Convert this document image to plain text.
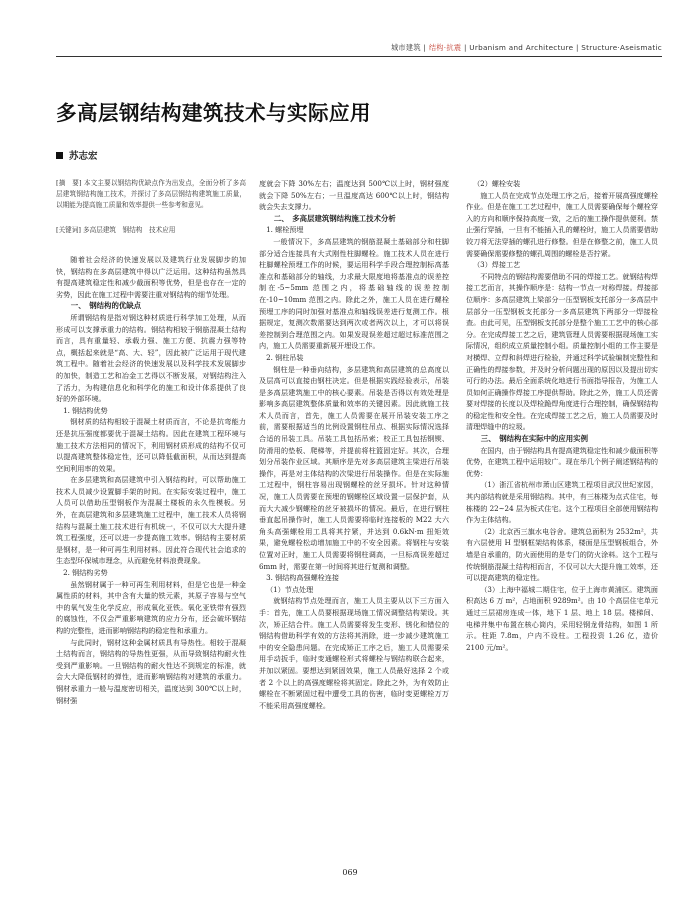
城市建筑 | 结构·抗震 | Urbanism and Architecture | Structure·Aseismatic
多高层钢结构建筑技术与实际应用
苏志宏

[摘　要] 本文主要以钢结构优缺点作为出发点，全面分析了多高层建筑钢结构施工技术，并探讨了多高层钢结构建筑施工质量，以期能为提高施工质量和效率提供一些参考和意见。

[关键词] 多高层建筑　钢结构　技术应用

随着社会经济的快速发展以及建筑行业发展脚步的加快，钢结构在多高层建筑中得以广泛运用。这种结构虽然具有提高建筑稳定性和减少截面积等优势，但是也存在一定的劣势，因此在施工过程中需要注重对钢结构的细节处理。

一、　钢结构的优缺点

所谓钢结构是指对钢这种材质进行科学加工处理，从而形成可以支撑承重力的结构。钢结构相较于钢筋混凝土结构而言，具有重量轻、承载力强、施工方便、抗震力强等特点，概括起来就是“高、大、轻”，因此被广泛运用于现代建筑工程中。随着社会经济的快速发展以及科学技术发展脚步的加快，制造工艺和冶金工艺得以不断发展，对钢结构注入了活力，为构建信息化和科学化的施工和设计体系提供了良好的外部环境。

1. 钢结构优势

钢材质的结构相较于混凝土材质而言，不论是抗弯能力还是抗压强度都要优于混凝土结构。因此在建筑工程环境与施工技术方法相同的情况下，利用钢材质形成的结构不仅可以提高建筑整体稳定性，还可以降低截面积，从而达到提高空间利用率的效果。

在多层建筑和高层建筑中引入钢结构时，可以帮助施工技术人员减少设置脚手架的时间。在实际安装过程中，施工人员可以借助压型钢板作为混凝土楼板的永久性模板。另外，在高层建筑和多层建筑施工过程中，施工技术人员将钢结构与混凝土施工技术进行有机统一，不仅可以大大提升建筑工程强度，还可以进一步提高施工效率。钢结构主要材质是钢材，是一种可再生利用材料。因此符合现代社会追求的生态型环保城市理念，从而避免材料浪费现象。

2. 钢结构劣势

虽然钢材属于一种可再生利用材料，但是它也是一种金属性质的材料，其中含有大量的铁元素，其原子容易与空气中的氧气发生化学反应，形成氧化亚铁。氧化亚铁带有强烈的腐蚀性，不仅会严重影响建筑的应力分布，还会破坏钢结构的完整性，进而影响钢结构的稳定性和承重力。

与此同时，钢材这种金属材质具有导热性。相较于混凝土结构而言，钢结构的导热性更强，从而导致钢结构耐火性受到严重影响。一旦钢结构的耐火性达不到规定的标准，就会大大降低钢材的弹性，进而影响钢结构对建筑的承重力。钢材承重力一般与温度密切相关，温度达到 300℃以上时，钢材强

度就会下降 30%左右；温度达到 500℃以上时，钢材强度就会下降 50%左右；一旦温度高达 600℃以上时，钢结构就会失去支撑力。

二、　多高层建筑钢结构施工技术分析

1. 螺栓预埋

一般情况下，多高层建筑的钢筋混凝土基础部分和柱脚部分适合连接具有大式刚性柱脚螺栓。施工技术人员在进行柱脚螺栓预埋工作的时候，要运用科学手段合理控制标高基准点和基础部分的轴线，力求最大限度地将基准点的误差控制在-5~5mm 范围之内，将基础轴线的误差控制在-10~10mm 范围之内。除此之外，施工人员在进行螺栓预埋工序的同时加强对基准点和轴线误差进行复测工作。根据规定，复测次数需要达到两次或者两次以上，才可以将误差控制到合理范围之内。如果发现误差超过超过标准范围之内，施工人员需要重新展开埋设工作。

2. 钢柱吊装

钢柱是一种垂向结构，多层建筑和高层建筑的总高度以及层高可以直接由钢柱决定。但是根据实践经验表示，吊装是多高层建筑施工中的核心要素。吊装是否得以有效处理是影响多高层建筑整体质量和效率的关键因素。因此就施工技术人员而言，首先，施工人员需要在展开吊装安装工序之前，需要根据适当的比例设置钢柱吊点、根据实际情况选择合适的吊装工具。吊装工具包括吊索；校正工具包括钢锲、防滑用的垫板、爬梯等，并提前将柱篮固定好。其次，合理划分吊装作业区域。其顺序是先对多高层建筑主梁进行吊装操作，再是对主体结构的次梁进行吊装操作。但是在实际施工过程中，钢柱容易出现钢螺栓的丝牙损坏。针对这种情况，施工人员需要在预埋的钢螺栓区域设置一层保护套，从而大大减少钢螺栓的丝牙被损坏的情况。最后，在进行钢柱垂直起吊操作时，施工人员需要将临时连接板的 M22 大六角头高强螺栓用工具将其拧紧，并达到 0.6kN·m 扭矩效果，避免螺栓松动增加施工中的不安全因素。将钢柱与安装位置对正时，施工人员需要将钢柱调高，一旦标高误差超过 6mm 时，需要在第一时间将其进行复测和调整。

3. 钢结构高强螺栓连接

（1）节点处理

就钢结构节点处理而言，施工人员主要从以下三方面入手：首先，施工人员要根据现场施工情况调整结构架设。其次，矫正结合件。施工人员需要将发生变形、锈化和错位的钢结构借助科学有效的方法将其消除，进一步减少建筑施工中的安全隐患问题。在完成矫正工序之后，施工人员需要采用手动扳手，临时变通螺栓形式将螺栓与钢结构联合起来，并加以紧固。要想达到紧固效果，施工人员最好选择 2 个或者 2 个以上的高强度螺栓将其固定。除此之外，为有效防止螺栓在不断紧固过程中遭受工具的伤害，临时变更螺栓万万不能采用高强度螺栓。

（2）螺栓安装

施工人员在完成节点处理工序之后，接着开展高强度螺栓作业。但是在施工工艺过程中，施工人员需要确保每个螺栓穿入的方向和顺序保持高度一致，之后的施工操作提供便利。禁止强行穿插，一旦有不能插入孔的螺栓时，施工人员需要借助铰刀将无法穿插的螺孔进行修整。但是在修整之前，施工人员需要确保需要修整的螺孔周围的螺栓是否拧紧。

（3）焊接工艺

不同特点的钢结构需要借助不同的焊接工艺。就钢结构焊接工艺而言，其操作顺序是：结构一节点一对称焊接。焊接部位顺序：多高层建筑上梁部分一压型钢板支托部分一多高层中层部分一压型钢板支托部分一多高层建筑下两部分一焊接检查。由此可见，压型钢板支托部分是整个施工工艺中的核心部分。在完成焊接工艺之后，建筑管理人员需要根据现场施工实际情况，组织成立质量控制小组。质量控制小组的工作主要是对横焊、立焊和斜焊进行检验，并通过科学试验编制完整性和正确性的焊接参数，并及时分析问题出现的原因以及提出切实可行的办法。最后全面系统化地进行书面指导报告，为施工人员如何正确操作焊接工序提供帮助。除此之外，施工人员还需要对焊接的长度以及焊检跪焊角度进行合理控制，确保钢结构的稳定性和安全性。在完成焊接工艺之后，施工人员需要及时清理焊缝中的垃圾。

三、　钢结构在实际中的应用实例

在国内，由于钢结构具有提高建筑稳定性和减少截面积等优势，在建筑工程中运用较广。现在举几个例子阐述钢结构的优势：

（1）浙江省杭州市萧山区建筑工程项目武汉世纪家园，其内部结构就是采用钢结构。其中，有三栋楼为点式住宅，每栋楼的 22~24 层为板式住宅。这个工程项目全部使用钢结构作为主体结构。

（2）北京西三旗水电谷舍。建筑总面积为 2532m²，共有六层使用 H 型钢框架结构体系，楼面是压型钢板组合，外墙是自承重的，防火面使用的是专门的防火涂料。这个工程与传统钢筋混凝土结构相而言，不仅可以大大提升施工效率，还可以提高建筑的稳定性。

（3）上海中福城二期住宅，位于上海市黄浦区。建筑面积高达 6 万 m²，占地面积 9289m²。由 10 个高层住宅单元通过三层裙房连成一体，地下 1 层、地上 18 层。楼梯间、电梯井集中布置在核心筒内，采用轻钢龙骨结构，如图 1 所示。柱距 7.8m，户内不设柱。工程投资 1.26 亿，造价 2100 元/m²。

069
